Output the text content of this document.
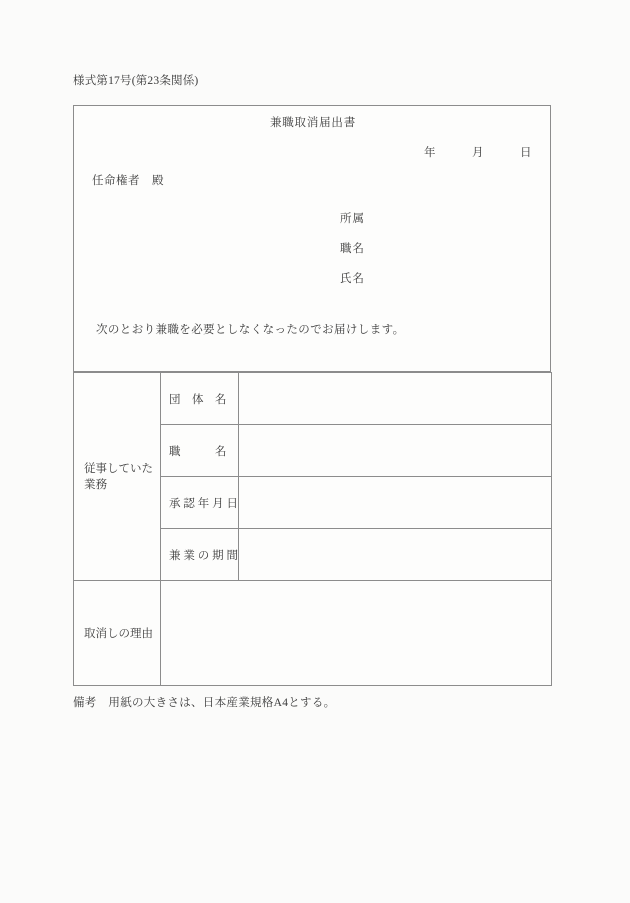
様式第17号(第23条関係)
兼職取消届出書
年　　　月　　　日
任命権者　殿
所属
職名
氏名
次のとおり兼職を必要としなくなったのでお届けします。
従事していた
業務	団　体　名	
	職　　　名	
	承 認 年 月 日	
	兼 業 の 期 間	
取消しの理由		
備考　用紙の大きさは、日本産業規格A4とする。
